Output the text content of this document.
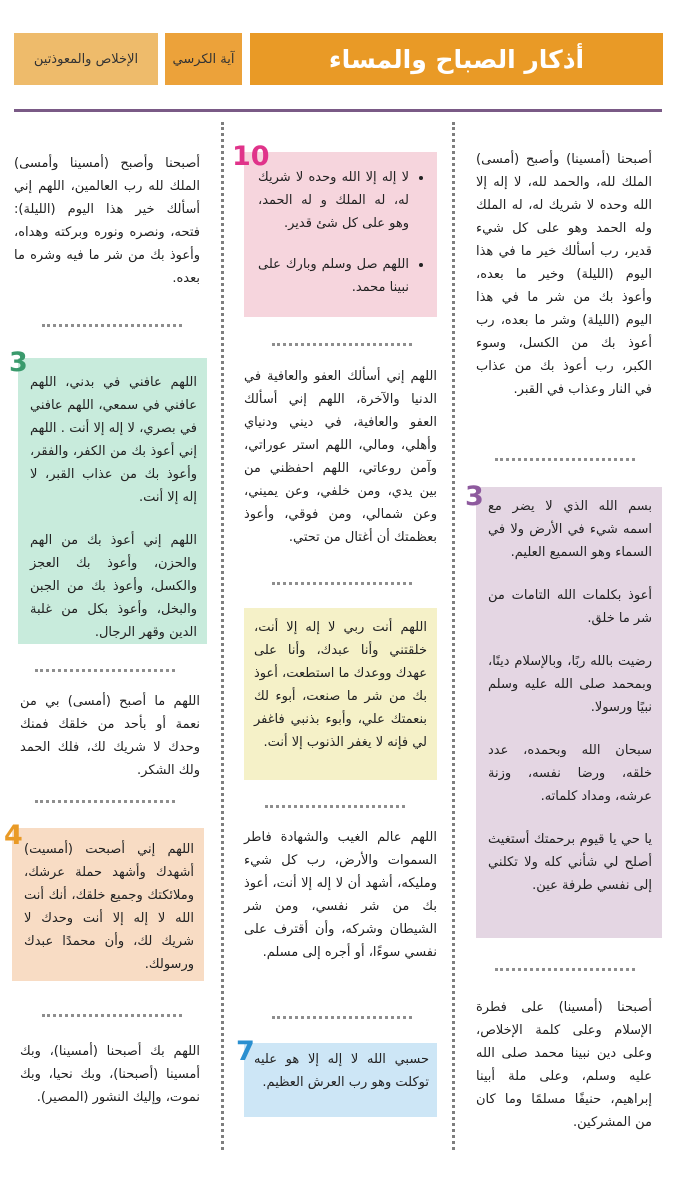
أذكار الصباح والمساء
آية الكرسي
الإخلاص والمعوذتين
أصبحنا (أمسينا) وأصبح (أمسى) الملك لله، والحمد لله، لا إله إلا الله وحده لا شريك له، له الملك وله الحمد وهو على كل شيء قدير، رب أسألك خير ما في هذا اليوم (الليلة) وخير ما بعده، وأعوذ بك من شر ما في هذا اليوم (الليلة) وشر ما بعده، رب أعوذ بك من الكسل، وسوء الكبر، رب أعوذ بك من عذاب في النار وعذاب في القبر.
3 بسم الله الذي لا يضر مع اسمه شيء في الأرض ولا في السماء وهو السميع العليم.

أعوذ بكلمات الله التامات من شر ما خلق.

رضيت بالله ربًا، وبالإسلام دينًا، وبمحمد صلى الله عليه وسلم نبيًا ورسولا.

سبحان الله وبحمده، عدد خلقه، ورضا نفسه، وزنة عرشه، ومداد كلماته.

يا حي يا قيوم برحمتك أستغيث أصلح لي شأني كله ولا تكلني إلى نفسي طرفة عين.

أصبحنا (أمسينا) على فطرة الإسلام وعلى كلمة الإخلاص، وعلى دين نبينا محمد صلى الله عليه وسلم، وعلى ملة أبينا إبراهيم، حنيفًا مسلمًا وما كان من المشركين.
10
• لا إله إلا الله وحده لا شريك له، له الملك و له الحمد، وهو على كل شئ قدير.
• اللهم صل وسلم وبارك على نبينا محمد.
اللهم إني أسألك العفو والعافية في الدنيا والآخرة، اللهم إني أسألك العفو والعافية، في ديني ودنياي وأهلي، ومالي، اللهم استر عوراتي، وآمن روعاتي، اللهم احفظني من بين يدي، ومن خلفي، وعن يميني، وعن شمالي، ومن فوقي، وأعوذ بعظمتك أن أغتال من تحتي.
اللهم أنت ربي لا إله إلا أنت، خلقتني وأنا عبدك، وأنا على عهدك ووعدك ما استطعت، أعوذ بك من شر ما صنعت، أبوء لك بنعمتك علي، وأبوء بذنبي فاغفر لي فإنه لا يغفر الذنوب إلا أنت.
اللهم عالم الغيب والشهادة فاطر السموات والأرض، رب كل شيء ومليكه، أشهد أن لا إله إلا أنت، أعوذ بك من شر نفسي، ومن شر الشيطان وشركه، وأن أقترف على نفسي سوءًا، أو أجره إلى مسلم.
7 حسبي الله لا إله إلا هو عليه توكلت وهو رب العرش العظيم.
أصبحنا وأصبح (أمسينا وأمسى) الملك لله رب العالمين، اللهم إني أسألك خير هذا اليوم (الليلة): فتحه، ونصره ونوره وبركته وهداه، وأعوذ بك من شر ما فيه وشره ما بعده.
3

اللهم عافني في بدني، اللهم عافني في سمعي، اللهم عافني في بصري، لا إله إلا أنت . اللهم إني أعوذ بك من الكفر، والفقر، وأعوذ بك من عذاب القبر، لا إله إلا أنت.

اللهم إني أعوذ بك من الهم والحزن، وأعوذ بك العجز والكسل، وأعوذ بك من الجبن والبخل، وأعوذ بكل من غلبة الدين وقهر الرجال.

اللهم ما أصبح (أمسى) بي من نعمة أو بأحد من خلقك فمنك وحدك لا شريك لك، فلك الحمد ولك الشكر.
4 اللهم إني أصبحت (أمسيت) أشهدك وأشهد حملة عرشك، وملائكتك وجميع خلقك، أنك أنت الله لا إله إلا أنت وحدك لا شريك لك، وأن محمدًا عبدك ورسولك.
اللهم بك أصبحنا (أمسينا)، وبك أمسينا (أصبحنا)، وبك نحيا، وبك نموت، وإليك النشور (المصير).
